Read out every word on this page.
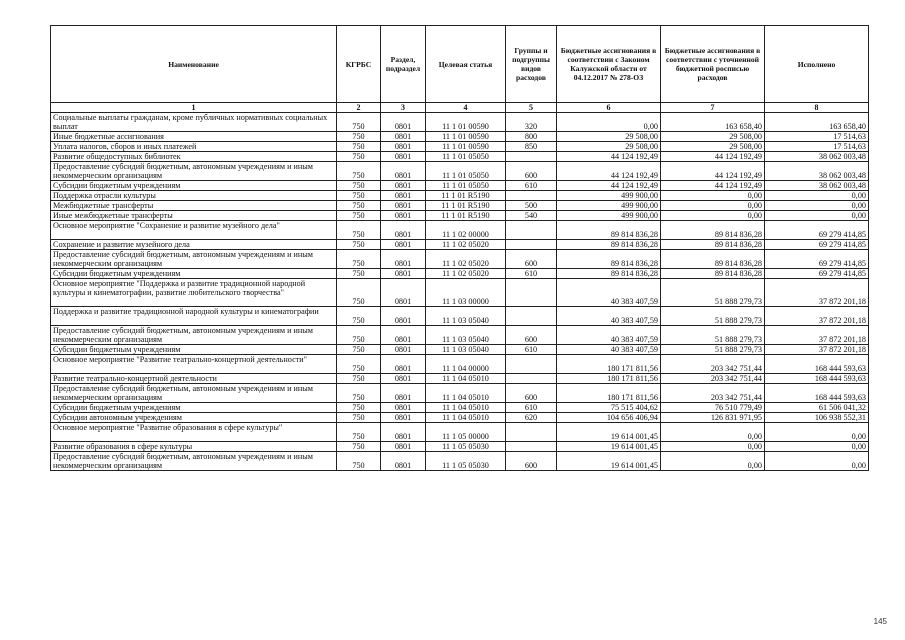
Наименование	КГРБС	Раздел, подраздел	Целевая статья	Группы и подгруппы видов расходов	Бюджетные ассигнования в соответствии с Законом Калужской области от 04.12.2017 № 278-ОЗ	Бюджетные ассигнования в соответствии с уточненной бюджетной росписью расходов	Исполнено
1	2	3	4	5	6	7	8
Социальные выплаты гражданам, кроме публичных нормативных социальных выплат	750	0801	11 1 01 00590	320	0,00	163 658,40	163 658,40
Иные бюджетные ассигнования	750	0801	11 1 01 00590	800	29 508,00	29 508,00	17 514,63
Уплата налогов, сборов и иных платежей	750	0801	11 1 01 00590	850	29 508,00	29 508,00	17 514,63
Развитие общедоступных библиотек	750	0801	11 1 01 05050		44 124 192,49	44 124 192,49	38 062 003,48
Предоставление субсидий бюджетным, автономным учреждениям и иным некоммерческим организациям	750	0801	11 1 01 05050	600	44 124 192,49	44 124 192,49	38 062 003,48
Субсидии бюджетным учреждениям	750	0801	11 1 01 05050	610	44 124 192,49	44 124 192,49	38 062 003,48
Поддержка отрасли культуры	750	0801	11 1 01 R5190		499 900,00	0,00	0,00
Межбюджетные трансферты	750	0801	11 1 01 R5190	500	499 900,00	0,00	0,00
Иные межбюджетные трансферты	750	0801	11 1 01 R5190	540	499 900,00	0,00	0,00
Основное мероприятие "Сохранение и развитие музейного дела"	750	0801	11 1 02 00000		89 814 836,28	89 814 836,28	69 279 414,85
Сохранение и развитие музейного дела	750	0801	11 1 02 05020		89 814 836,28	89 814 836,28	69 279 414,85
Предоставление субсидий бюджетным, автономным учреждениям и иным некоммерческим организациям	750	0801	11 1 02 05020	600	89 814 836,28	89 814 836,28	69 279 414,85
Субсидии бюджетным учреждениям	750	0801	11 1 02 05020	610	89 814 836,28	89 814 836,28	69 279 414,85
Основное мероприятие "Поддержка и развитие традиционной народной культуры и кинематографии, развитие любительского творчества"	750	0801	11 1 03 00000		40 383 407,59	51 888 279,73	37 872 201,18
Поддержка и развитие традиционной народной культуры и кинематографии	750	0801	11 1 03 05040		40 383 407,59	51 888 279,73	37 872 201,18
Предоставление субсидий бюджетным, автономным учреждениям и иным некоммерческим организациям	750	0801	11 1 03 05040	600	40 383 407,59	51 888 279,73	37 872 201,18
Субсидии бюджетным учреждениям	750	0801	11 1 03 05040	610	40 383 407,59	51 888 279,73	37 872 201,18
Основное мероприятие "Развитие театрально-концертной деятельности"	750	0801	11 1 04 00000		180 171 811,56	203 342 751,44	168 444 593,63
Развитие театрально-концертной деятельности	750	0801	11 1 04 05010		180 171 811,56	203 342 751,44	168 444 593,63
Предоставление субсидий бюджетным, автономным учреждениям и иным некоммерческим организациям	750	0801	11 1 04 05010	600	180 171 811,56	203 342 751,44	168 444 593,63
Субсидии бюджетным учреждениям	750	0801	11 1 04 05010	610	75 515 404,62	76 510 779,49	61 506 041,32
Субсидии автономным учреждениям	750	0801	11 1 04 05010	620	104 656 406,94	126 831 971,95	106 938 552,31
Основное мероприятие "Развитие образования в сфере культуры"	750	0801	11 1 05 00000		19 614 001,45	0,00	0,00
Развитие образования в сфере культуры	750	0801	11 1 05 05030		19 614 001,45	0,00	0,00
Предоставление субсидий бюджетным, автономным учреждениям и иным некоммерческим организациям	750	0801	11 1 05 05030	600	19 614 001,45	0,00	0,00
145
